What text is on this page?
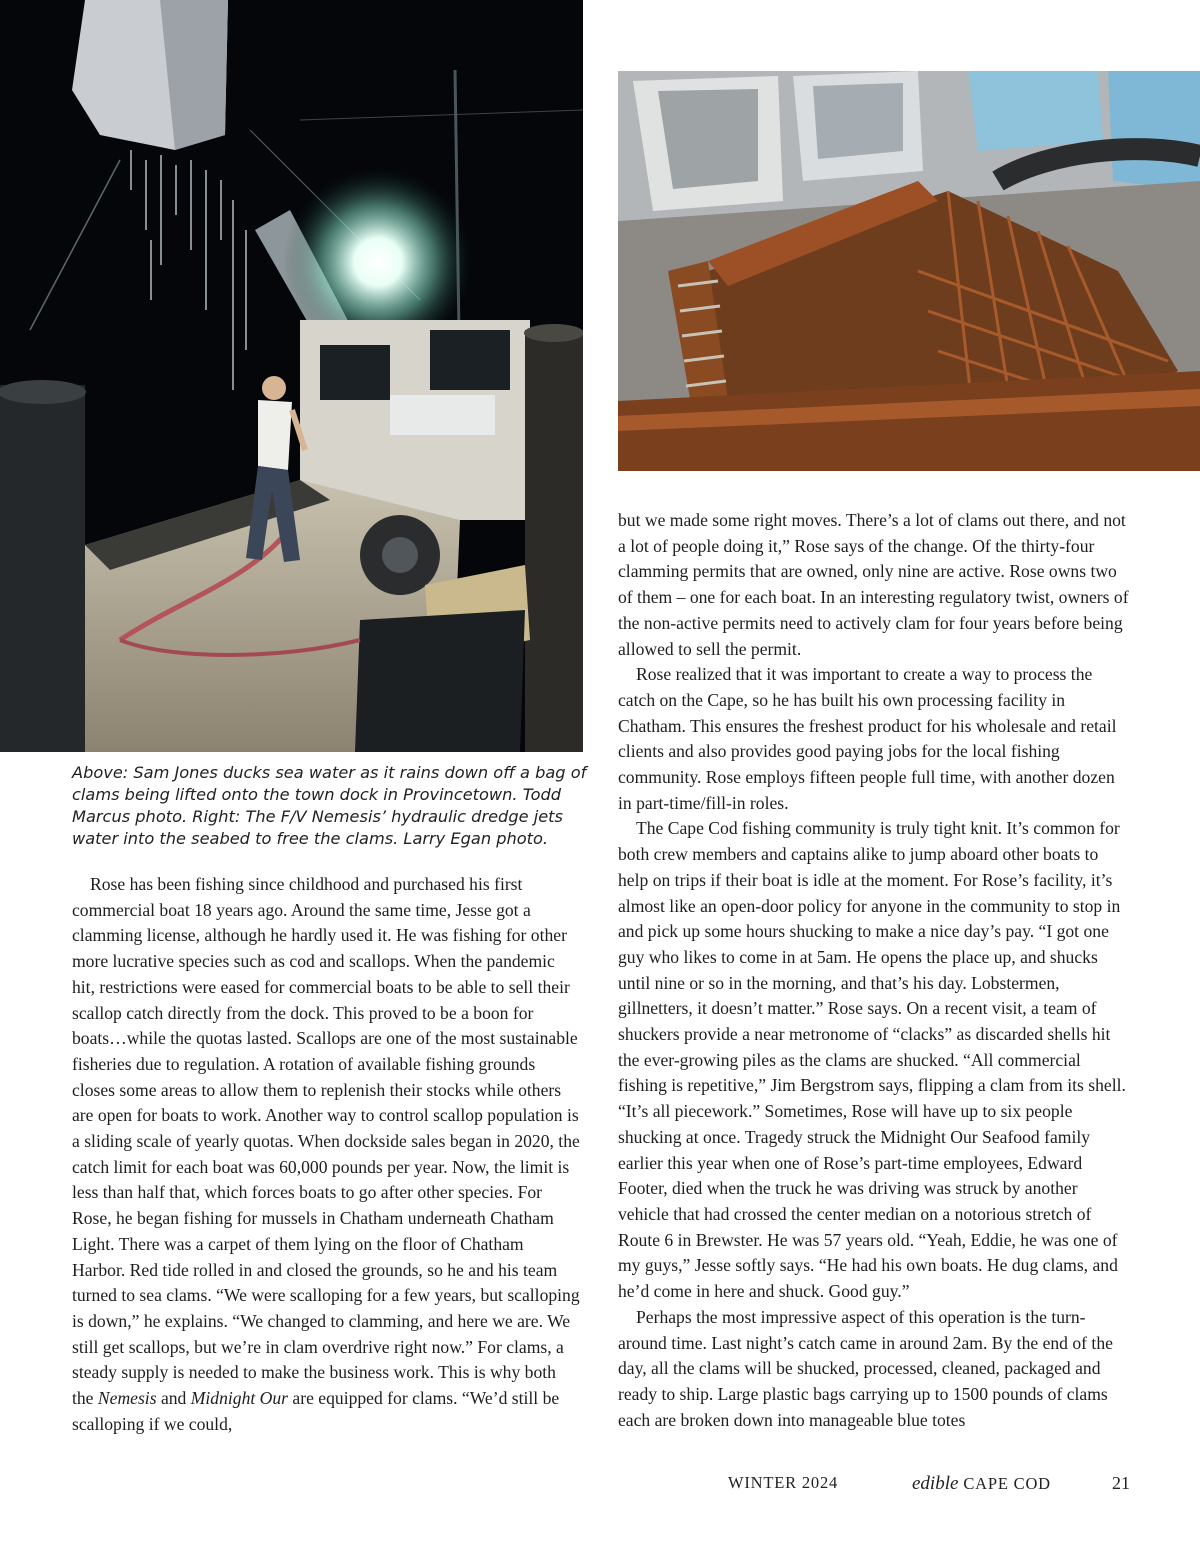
Above: Sam Jones ducks sea water as it rains down off a bag of clams being lifted onto the town dock in Provincetown. Todd Marcus photo. Right: The F/V Nemesis’ hydraulic dredge jets water into the seabed to free the clams. Larry Egan photo.

Rose has been fishing since childhood and purchased his first commercial boat 18 years ago. Around the same time, Jesse got a clamming license, although he hardly used it. He was fishing for other more lucrative species such as cod and scallops. When the pandemic hit, restrictions were eased for commercial boats to be able to sell their scallop catch directly from the dock. This proved to be a boon for boats…while the quotas lasted. Scallops are one of the most sustainable fisheries due to regulation. A rotation of available fishing grounds closes some areas to allow them to replenish their stocks while others are open for boats to work. Another way to control scallop population is a sliding scale of yearly quotas. When dockside sales began in 2020, the catch limit for each boat was 60,000 pounds per year. Now, the limit is less than half that, which forces boats to go after other species. For Rose, he began fishing for mussels in Chatham underneath Chatham Light. There was a carpet of them lying on the floor of Chatham Harbor. Red tide rolled in and closed the grounds, so he and his team turned to sea clams. “We were scalloping for a few years, but scalloping is down,” he explains. “We changed to clamming, and here we are. We still get scallops, but we’re in clam overdrive right now.” For clams, a steady supply is needed to make the business work. This is why both the Nemesis and Midnight Our are equipped for clams. “We’d still be scalloping if we could,

but we made some right moves. There’s a lot of clams out there, and not a lot of people doing it,” Rose says of the change. Of the thirty-four clamming permits that are owned, only nine are active. Rose owns two of them – one for each boat. In an interesting regulatory twist, owners of the non-active permits need to actively clam for four years before being allowed to sell the permit.

Rose realized that it was important to create a way to process the catch on the Cape, so he has built his own processing facility in Chatham. This ensures the freshest product for his wholesale and retail clients and also provides good paying jobs for the local fishing community. Rose employs fifteen people full time, with another dozen in part-time/fill-in roles.

The Cape Cod fishing community is truly tight knit. It’s common for both crew members and captains alike to jump aboard other boats to help on trips if their boat is idle at the moment. For Rose’s facility, it’s almost like an open-door policy for anyone in the community to stop in and pick up some hours shucking to make a nice day’s pay. “I got one guy who likes to come in at 5am. He opens the place up, and shucks until nine or so in the morning, and that’s his day. Lobstermen, gillnetters, it doesn’t matter.” Rose says. On a recent visit, a team of shuckers provide a near metronome of “clacks” as discarded shells hit the ever-growing piles as the clams are shucked. “All commercial fishing is repetitive,” Jim Bergstrom says, flipping a clam from its shell. “It’s all piecework.” Sometimes, Rose will have up to six people shucking at once. Tragedy struck the Midnight Our Seafood family earlier this year when one of Rose’s part-time employees, Edward Footer, died when the truck he was driving was struck by another vehicle that had crossed the center median on a notorious stretch of Route 6 in Brewster. He was 57 years old. “Yeah, Eddie, he was one of my guys,” Jesse softly says. “He had his own boats. He dug clams, and he’d come in here and shuck. Good guy.”

Perhaps the most impressive aspect of this operation is the turn-around time. Last night’s catch came in around 2am. By the end of the day, all the clams will be shucked, processed, cleaned, packaged and ready to ship. Large plastic bags carrying up to 1500 pounds of clams each are broken down into manageable blue totes

WINTER 2024	edible CAPE COD	21
